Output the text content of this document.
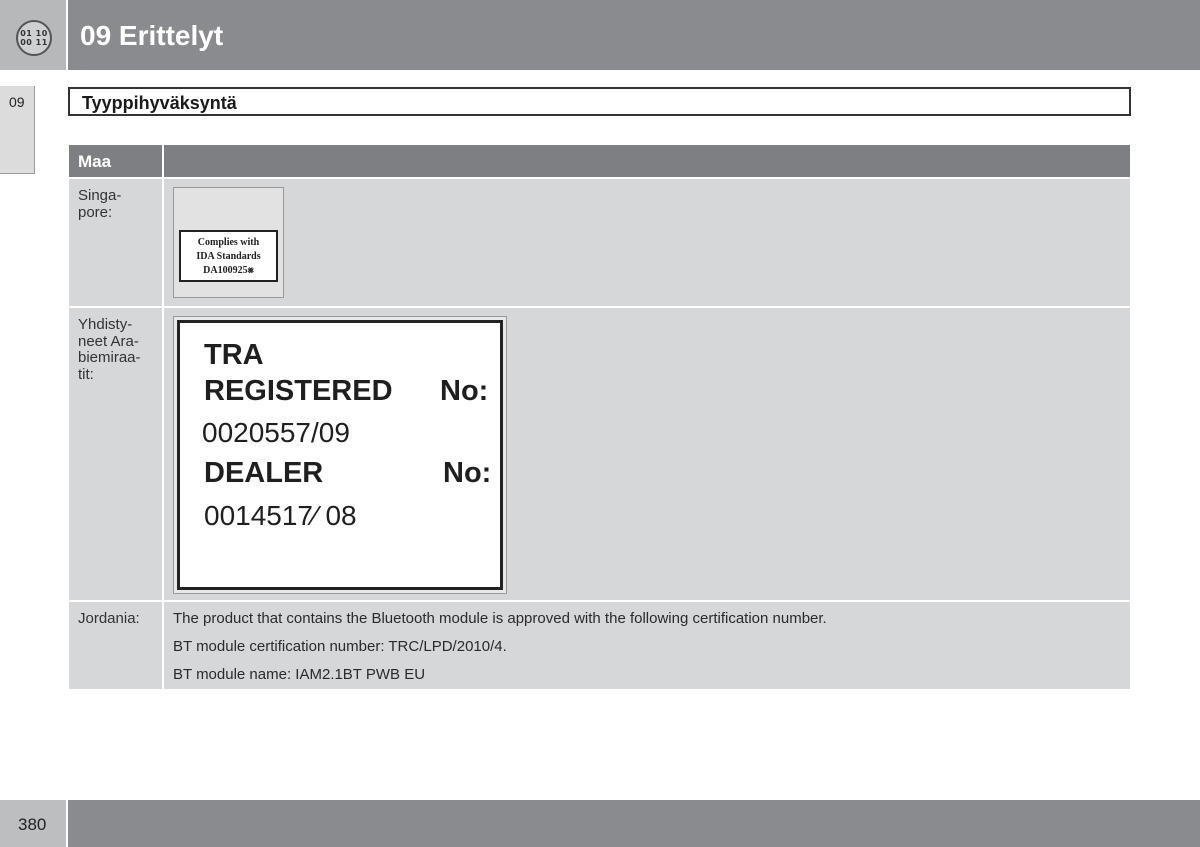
01 10
00 11 09 Erittelyt
09	Tyyppihyväksyntä
Maa
Singa-
pore:
Complies with
IDA Standards
DA100925⨳
Yhdisty-
neet Ara-
biemiraa-
tit:
TRA
REGISTERED No:
0020557/09
DEALER	No:
0014517⁄ 08
Jordania: The product that contains the Bluetooth module is approved with the following certification number.
BT module certification number: TRC/LPD/2010/4.
BT module name: IAM2.1BT PWB EU
380
